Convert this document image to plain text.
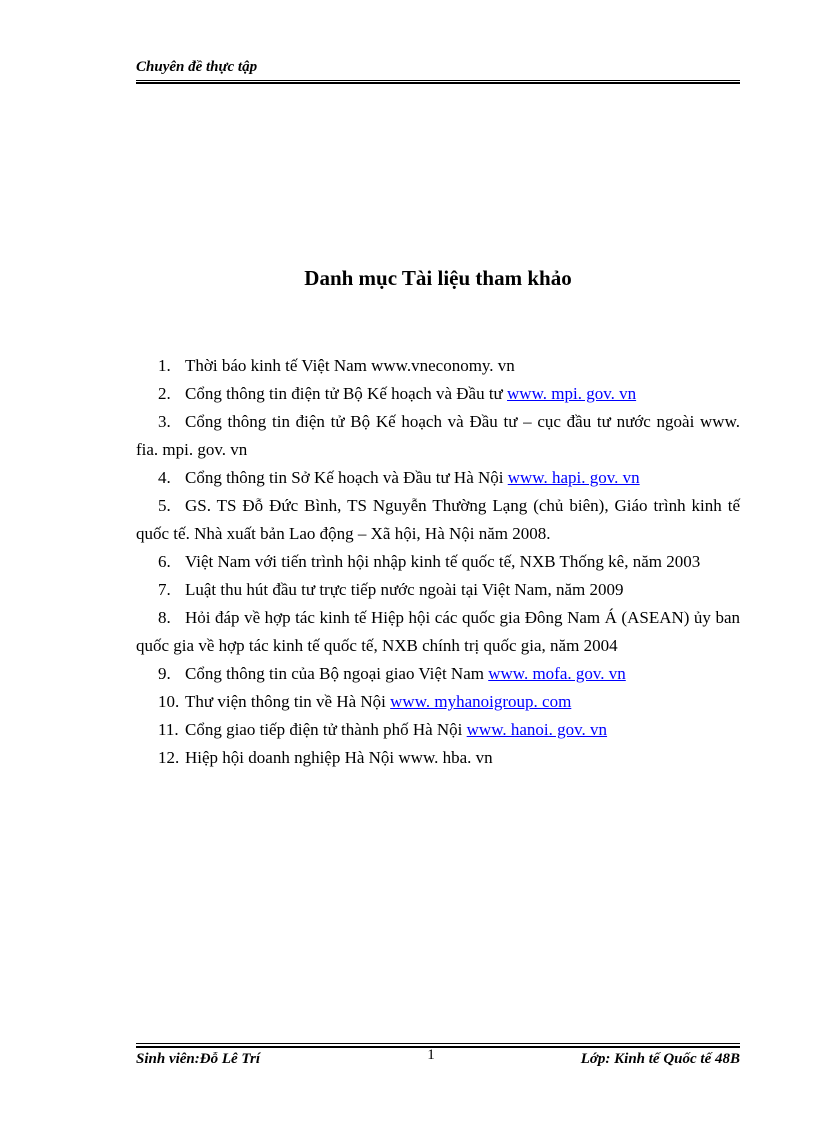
Chuyên đề thực tập
Danh mục Tài liệu tham khảo
1. Thời báo kinh tế Việt Nam www.vneconomy. vn
2. Cổng thông tin điện tử Bộ Kế hoạch và Đầu tư www. mpi. gov. vn
3. Cổng thông tin điện tử Bộ Kế hoạch và Đầu tư – cục đầu tư nước ngoài www. fia. mpi. gov. vn
4. Cổng thông tin Sở Kế hoạch và Đầu tư Hà Nội www. hapi. gov. vn
5. GS. TS Đỗ Đức Bình, TS Nguyễn Thường Lạng (chủ biên), Giáo trình kinh tế quốc tế. Nhà xuất bản Lao động – Xã hội, Hà Nội năm 2008.
6. Việt Nam với tiến trình hội nhập kinh tế quốc tế, NXB Thống kê, năm 2003
7. Luật thu hút đầu tư trực tiếp nước ngoài tại Việt Nam, năm 2009
8. Hỏi đáp về hợp tác kinh tế Hiệp hội các quốc gia Đông Nam Á (ASEAN) ủy ban quốc gia về hợp tác kinh tế quốc tế, NXB chính trị quốc gia, năm 2004
9. Cổng thông tin của Bộ ngoại giao Việt Nam www. mofa. gov. vn
10. Thư viện thông tin về Hà Nội www. myhanoigroup. com
11. Cổng giao tiếp điện tử thành phố Hà Nội www. hanoi. gov. vn
12. Hiệp hội doanh nghiệp Hà Nội www. hba. vn
Sinh viên:Đỗ Lê Trí	1	Lớp: Kinh tế Quốc tế 48B
